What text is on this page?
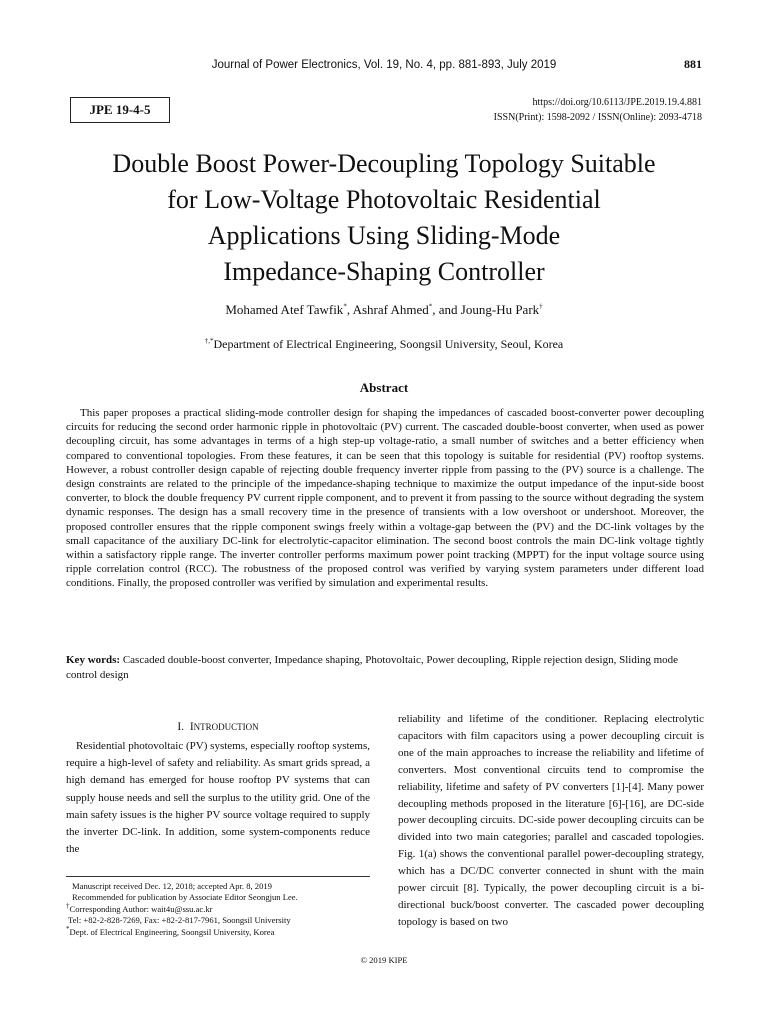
Journal of Power Electronics, Vol. 19, No. 4, pp. 881-893, July 2019	881
JPE 19-4-5	https://doi.org/10.6113/JPE.2019.19.4.881
ISSN(Print): 1598-2092 / ISSN(Online): 2093-4718
Double Boost Power-Decoupling Topology Suitable
for Low-Voltage Photovoltaic Residential
Applications Using Sliding-Mode
Impedance-Shaping Controller
Mohamed Atef Tawfik*, Ashraf Ahmed*, and Joung-Hu Park†
†,*Department of Electrical Engineering, Soongsil University, Seoul, Korea
Abstract
This paper proposes a practical sliding-mode controller design for shaping the impedances of cascaded boost-converter power decoupling circuits for reducing the second order harmonic ripple in photovoltaic (PV) current. The cascaded double-boost converter, when used as power decoupling circuit, has some advantages in terms of a high step-up voltage-ratio, a small number of switches and a better efficiency when compared to conventional topologies. From these features, it can be seen that this topology is suitable for residential (PV) rooftop systems. However, a robust controller design capable of rejecting double frequency inverter ripple from passing to the (PV) source is a challenge. The design constraints are related to the principle of the impedance-shaping technique to maximize the output impedance of the input-side boost converter, to block the double frequency PV current ripple component, and to prevent it from passing to the source without degrading the system dynamic responses. The design has a small recovery time in the presence of transients with a low overshoot or undershoot. Moreover, the proposed controller ensures that the ripple component swings freely within a voltage-gap between the (PV) and the DC-link voltages by the small capacitance of the auxiliary DC-link for electrolytic-capacitor elimination. The second boost controls the main DC-link voltage tightly within a satisfactory ripple range. The inverter controller performs maximum power point tracking (MPPT) for the input voltage source using ripple correlation control (RCC). The robustness of the proposed control was verified by varying system parameters under different load conditions. Finally, the proposed controller was verified by simulation and experimental results.
Key words: Cascaded double-boost converter, Impedance shaping, Photovoltaic, Power decoupling, Ripple rejection design, Sliding mode control design
I. INTRODUCTION
Residential photovoltaic (PV) systems, especially rooftop systems, require a high-level of safety and reliability. As smart grids spread, a high demand has emerged for house rooftop PV systems that can supply house needs and sell the surplus to the utility grid. One of the main safety issues is the higher PV source voltage required to supply the inverter DC-link. In addition, some system-components reduce the
Manuscript received Dec. 12, 2018; accepted Apr. 8, 2019
Recommended for publication by Associate Editor Seongjun Lee.
†Corresponding Author: wait4u@ssu.ac.kr
Tel: +82-2-828-7269, Fax: +82-2-817-7961, Soongsil University
*Dept. of Electrical Engineering, Soongsil University, Korea
reliability and lifetime of the conditioner. Replacing electrolytic capacitors with film capacitors using a power decoupling circuit is one of the main approaches to increase the reliability and lifetime of converters. Most conventional circuits tend to compromise the reliability, lifetime and safety of PV converters [1]-[4]. Many power decoupling methods proposed in the literature [6]-[16], are DC-side power decoupling circuits. DC-side power decoupling circuits can be divided into two main categories; parallel and cascaded topologies. Fig. 1(a) shows the conventional parallel power-decoupling strategy, which has a DC/DC converter connected in shunt with the main power circuit [8]. Typically, the power decoupling circuit is a bi-directional buck/boost converter. The cascaded power decoupling topology is based on two
© 2019 KIPE
